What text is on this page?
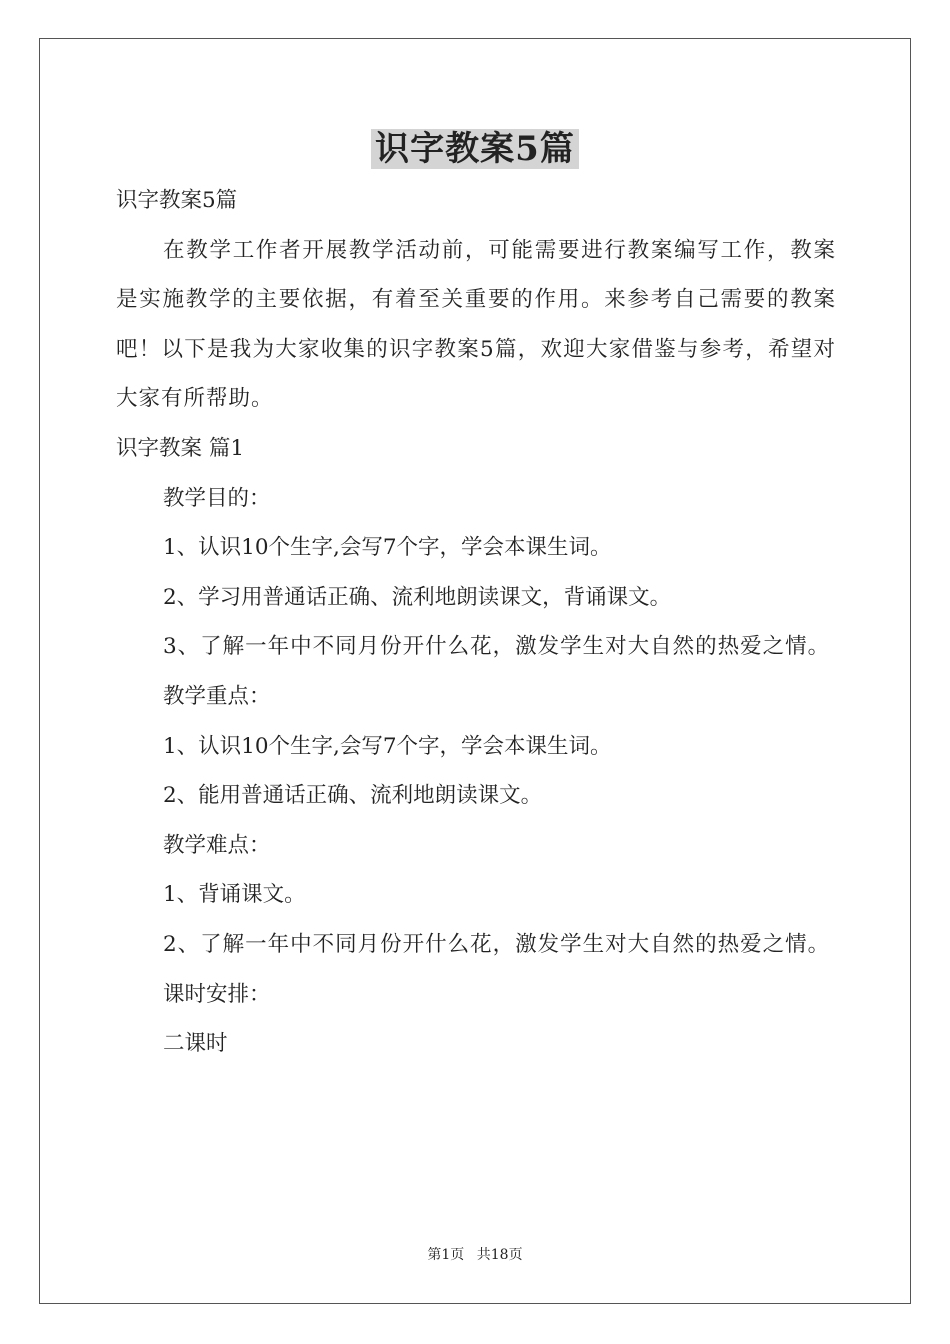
识字教案5篇

识字教案5篇

在教学工作者开展教学活动前，可能需要进行教案编写工作，教案是实施教学的主要依据，有着至关重要的作用。来参考自己需要的教案吧！以下是我为大家收集的识字教案5篇，欢迎大家借鉴与参考，希望对大家有所帮助。

识字教案 篇1

教学目的：

1、认识10个生字,会写7个字，学会本课生词。

2、学习用普通话正确、流利地朗读课文，背诵课文。

3、了解一年中不同月份开什么花，激发学生对大自然的热爱之情。

教学重点：

1、认识10个生字,会写7个字，学会本课生词。

2、能用普通话正确、流利地朗读课文。

教学难点：

1、背诵课文。

2、了解一年中不同月份开什么花，激发学生对大自然的热爱之情。

课时安排：

二课时

第1页 共18页
